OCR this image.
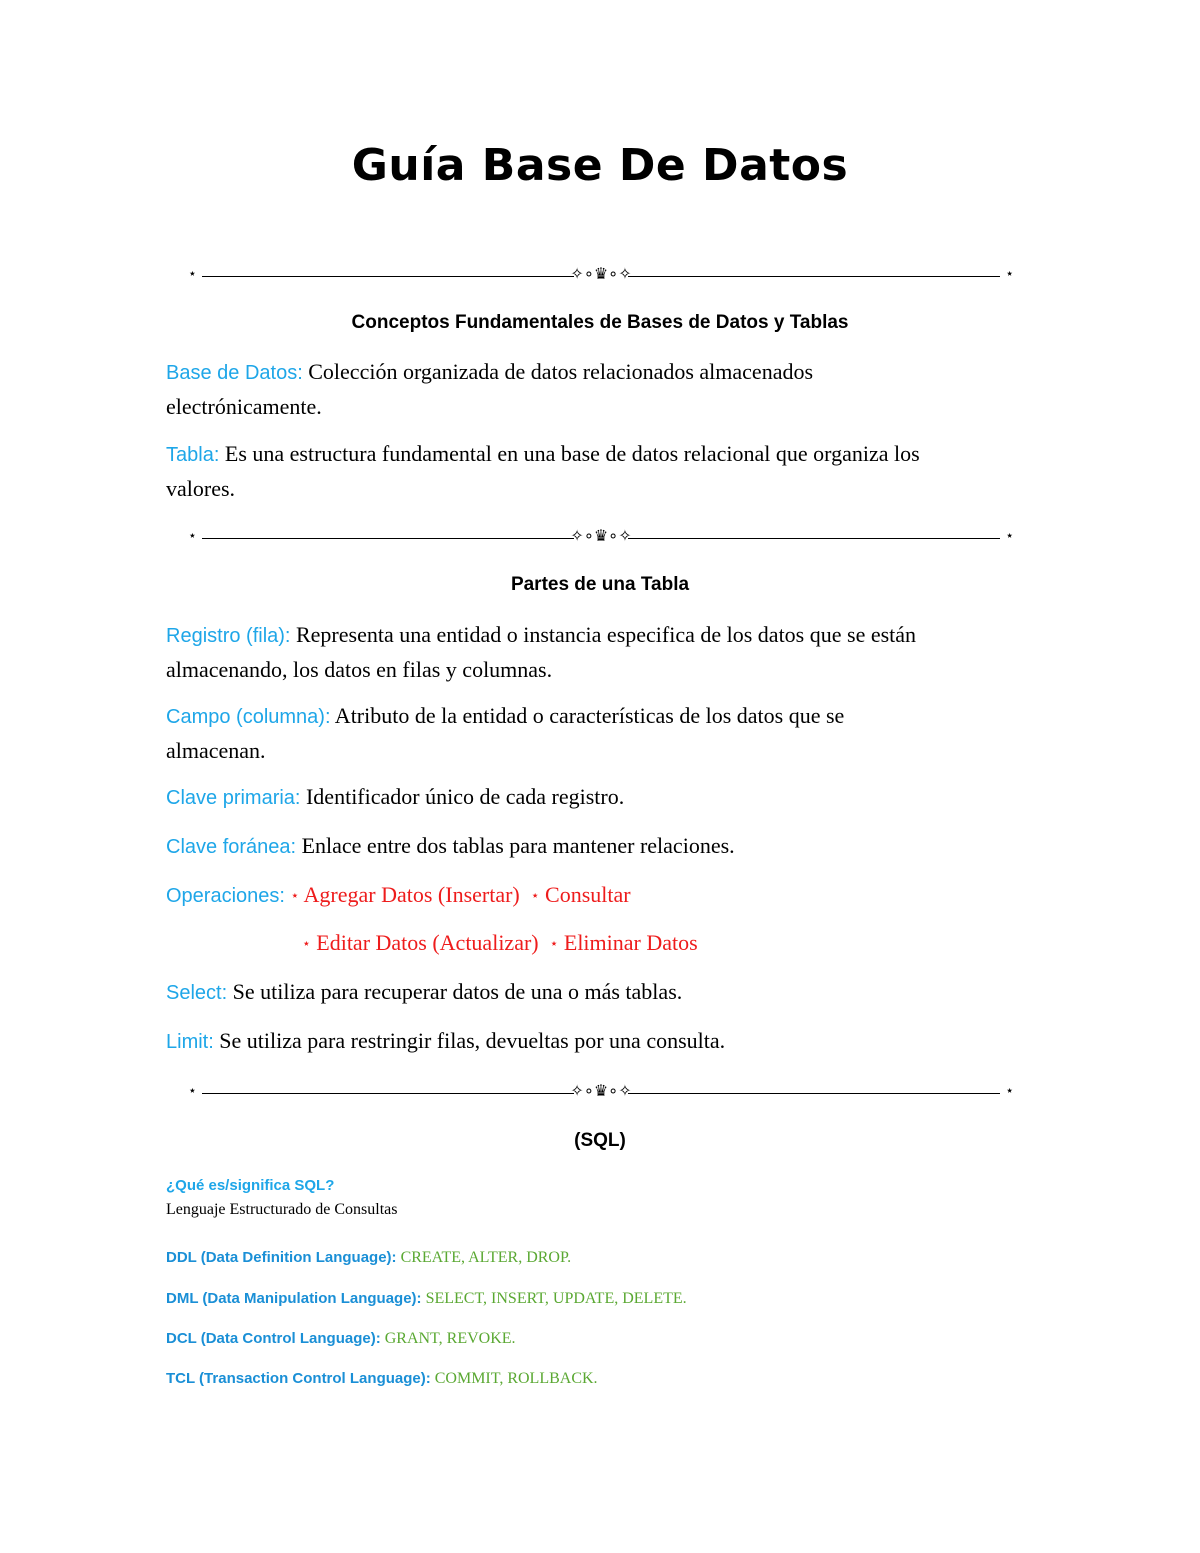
Guía Base De Datos
⋆	✧∘♛∘✧	⋆
Conceptos Fundamentales de Bases de Datos y Tablas
Base de Datos: Colección organizada de datos relacionados almacenados
electrónicamente.
Tabla: Es una estructura fundamental en una base de datos relacional que organiza los
valores.
⋆	✧∘♛∘✧	⋆
Partes de una Tabla
Registro (fila): Representa una entidad o instancia especifica de los datos que se están
almacenando, los datos en filas y columnas.
Campo (columna): Atributo de la entidad o características de los datos que se
almacenan.
Clave primaria: Identificador único de cada registro.
Clave foránea: Enlace entre dos tablas para mantener relaciones.
Operaciones: ⋆ Agregar Datos (Insertar) ⋆ Consultar
⋆ Editar Datos (Actualizar) ⋆ Eliminar Datos
Select: Se utiliza para recuperar datos de una o más tablas.
Limit: Se utiliza para restringir filas, devueltas por una consulta.
⋆	✧∘♛∘✧	⋆
(SQL)
¿Qué es/significa SQL?
Lenguaje Estructurado de Consultas
DDL (Data Definition Language): CREATE, ALTER, DROP.
DML (Data Manipulation Language): SELECT, INSERT, UPDATE, DELETE.
DCL (Data Control Language): GRANT, REVOKE.
TCL (Transaction Control Language): COMMIT, ROLLBACK.
